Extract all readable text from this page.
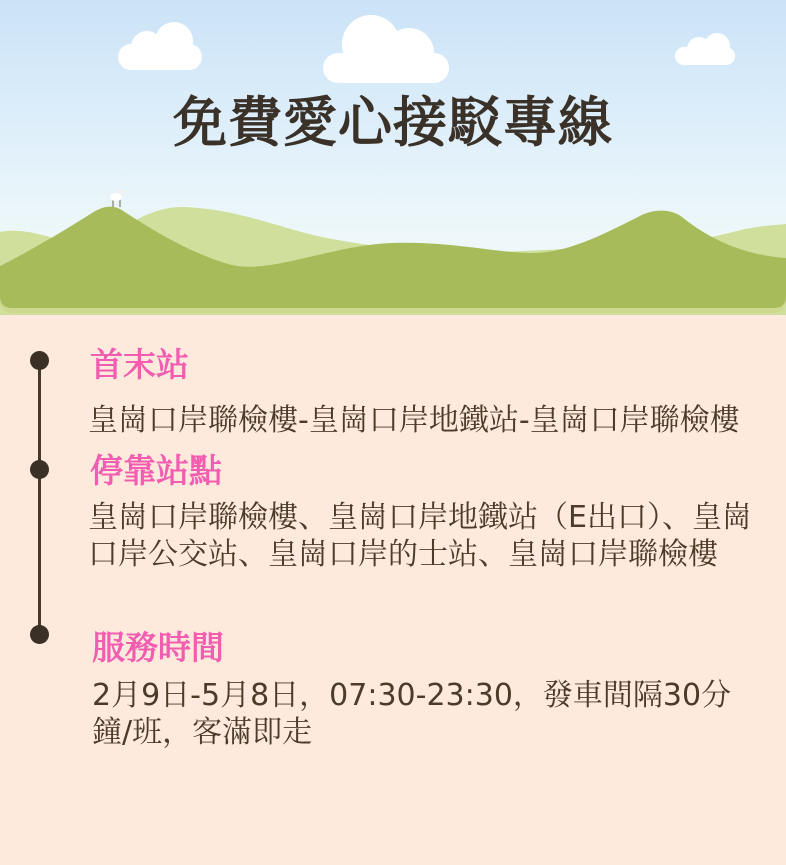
免費愛心接駁專線
首末站
皇崗口岸聯檢樓-皇崗口岸地鐵站-皇崗口岸聯檢樓
停靠站點
皇崗口岸聯檢樓、皇崗口岸地鐵站（E出口）、皇崗口岸公交站、皇崗口岸的士站、皇崗口岸聯檢樓
服務時間
2月9日-5月8日，07:30-23:30，發車間隔30分鐘/班，客滿即走
